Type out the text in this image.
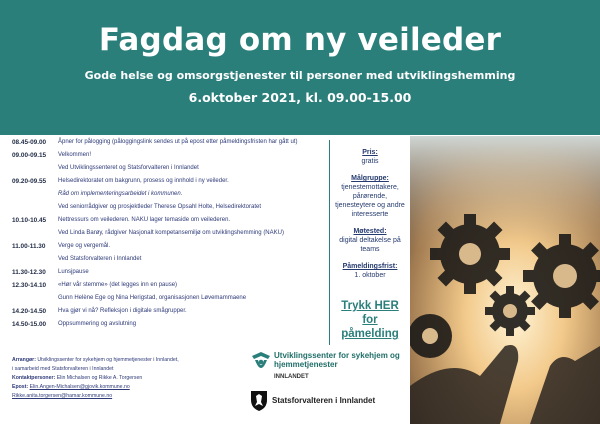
Fagdag om ny veileder
Gode helse og omsorgstjenester til personer med utviklingshemming
6.oktober 2021, kl. 09.00-15.00
08.45-09.00	Åpner for pålogging (påloggingslink sendes ut på epost etter påmeldingsfristen har gått ut)
09.00-09.15	Velkommen!
Ved Utviklingssenteret og Statsforvalteren i Innlandet
09.20-09.55	Helsedirektoratet om bakgrunn, prosess og innhold i ny veileder.
Råd om implementeringsarbeidet i kommunen.
Ved seniorrådgiver og prosjektleder Therese Opsahl Holte, Helsedirektoratet
10.10-10.45	Nettressurs om veilederen. NAKU lager temaside om veilederen.
Ved Linda Barøy, rådgiver Nasjonalt kompetansemiljø om utviklingshemming (NAKU)
11.00-11.30	Verge og vergemål.
Ved Statsforvalteren i Innlandet
11.30-12.30	Lunsjpause
12.30-14.10	«Hør vår stemme» (det legges inn en pause)
Gunn Helène Ege og Nina Herigstad, organisasjonen Løvemammaene
14.20-14.50	Hva gjør vi nå? Refleksjon i digitale smågrupper.
14.50-15.00	Oppsummering og avslutning
Pris:
gratis
Målgruppe:
tjenestemottakere, pårørende, tjenesteytere og andre interesserte
Møtested:
digital deltakelse på teams
Påmeldingsfrist:
1. oktober
Trykk HER for påmelding
Arrangør: Utviklingssenter for sykehjem og hjemmetjenester i Innlandet,
i samarbeid med Statsforvalteren i Innlandet
Kontaktpersoner: Elin Michalsen og Rikke A. Torgersen
Epost: Elin.Angen-Michalsen@gjovik.kommune.no
Rikke.anita.torgersen@hamar.kommune.no
Utviklingssenter for sykehjem og hjemmetjenester
INNLANDET
Statsforvalteren i Innlandet
